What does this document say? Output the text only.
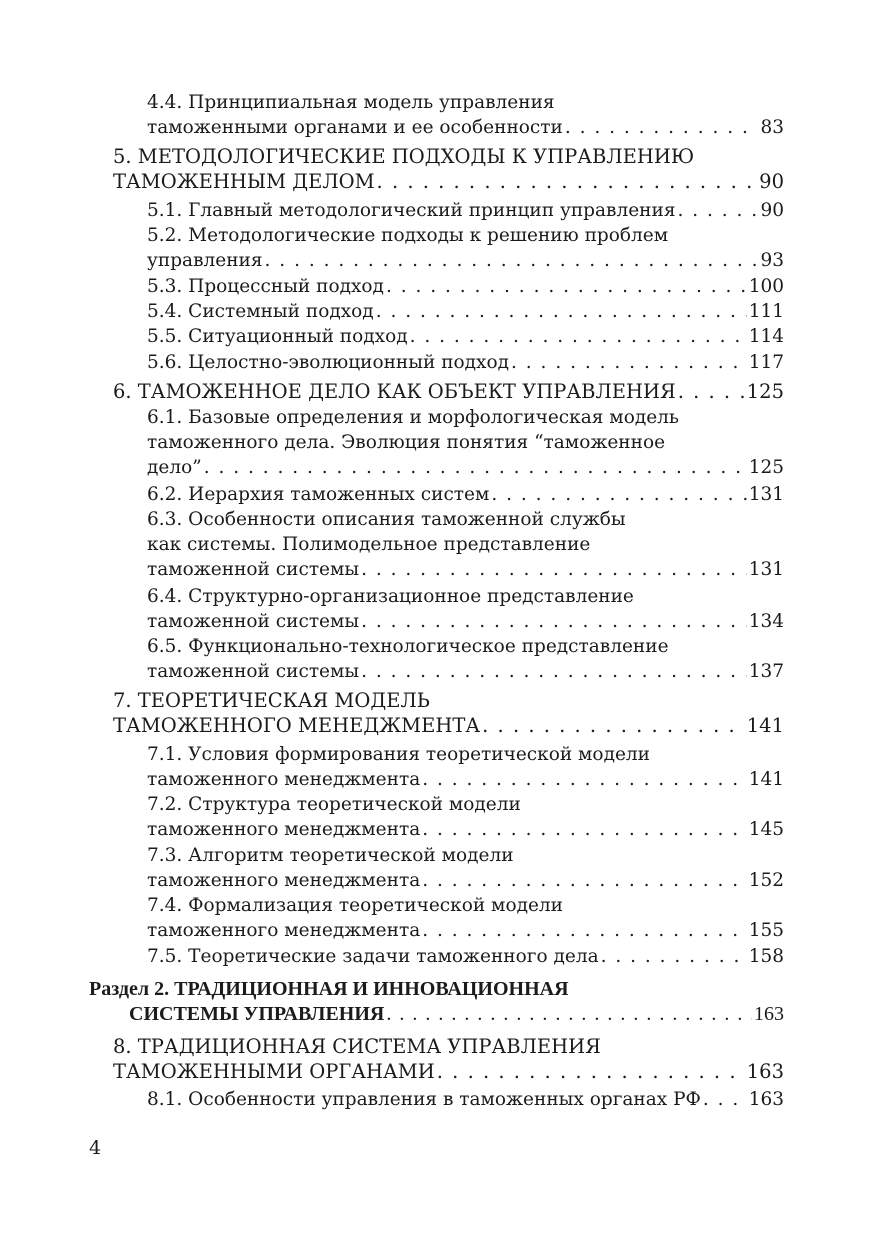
4.4. Принципиальная модель управления
таможенными органами и ее особенности . . .	83
5. МЕТОДОЛОГИЧЕСКИЕ ПОДХОДЫ К УПРАВЛЕНИЮ
ТАМОЖЕННЫМ ДЕЛОМ . . .	90
5.1. Главный методологический принцип управления . . .	90
5.2. Методологические подходы к решению проблем
управления . . .	93
5.3. Процессный подход . . .	100
5.4. Системный подход . . .	111
5.5. Ситуационный подход . . .	114
5.6. Целостно-эволюционный подход . . .	117
6. ТАМОЖЕННОЕ ДЕЛО КАК ОБЪЕКТ УПРАВЛЕНИЯ . . .	125
6.1. Базовые определения и морфологическая модель
таможенного дела. Эволюция понятия “таможенное
дело” . . .	125
6.2. Иерархия таможенных систем . . .	131
6.3. Особенности описания таможенной службы
как системы. Полимодельное представление
таможенной системы . . .	131
6.4. Структурно-организационное представление
таможенной системы . . .	134
6.5. Функционально-технологическое представление
таможенной системы . . .	137
7. ТЕОРЕТИЧЕСКАЯ МОДЕЛЬ
ТАМОЖЕННОГО МЕНЕДЖМЕНТА . . .	141
7.1. Условия формирования теоретической модели
таможенного менеджмента . . .	141
7.2. Структура теоретической модели
таможенного менеджмента . . .	145
7.3. Алгоритм теоретической модели
таможенного менеджмента . . .	152
7.4. Формализация теоретической модели
таможенного менеджмента . . .	155
7.5. Теоретические задачи таможенного дела . . .	158
Раздел 2. ТРАДИЦИОННАЯ И ИННОВАЦИОННАЯ
СИСТЕМЫ УПРАВЛЕНИЯ . . .	163
8. ТРАДИЦИОННАЯ СИСТЕМА УПРАВЛЕНИЯ
ТАМОЖЕННЫМИ ОРГАНАМИ . . .	163
8.1. Особенности управления в таможенных органах РФ . . .	163
4
